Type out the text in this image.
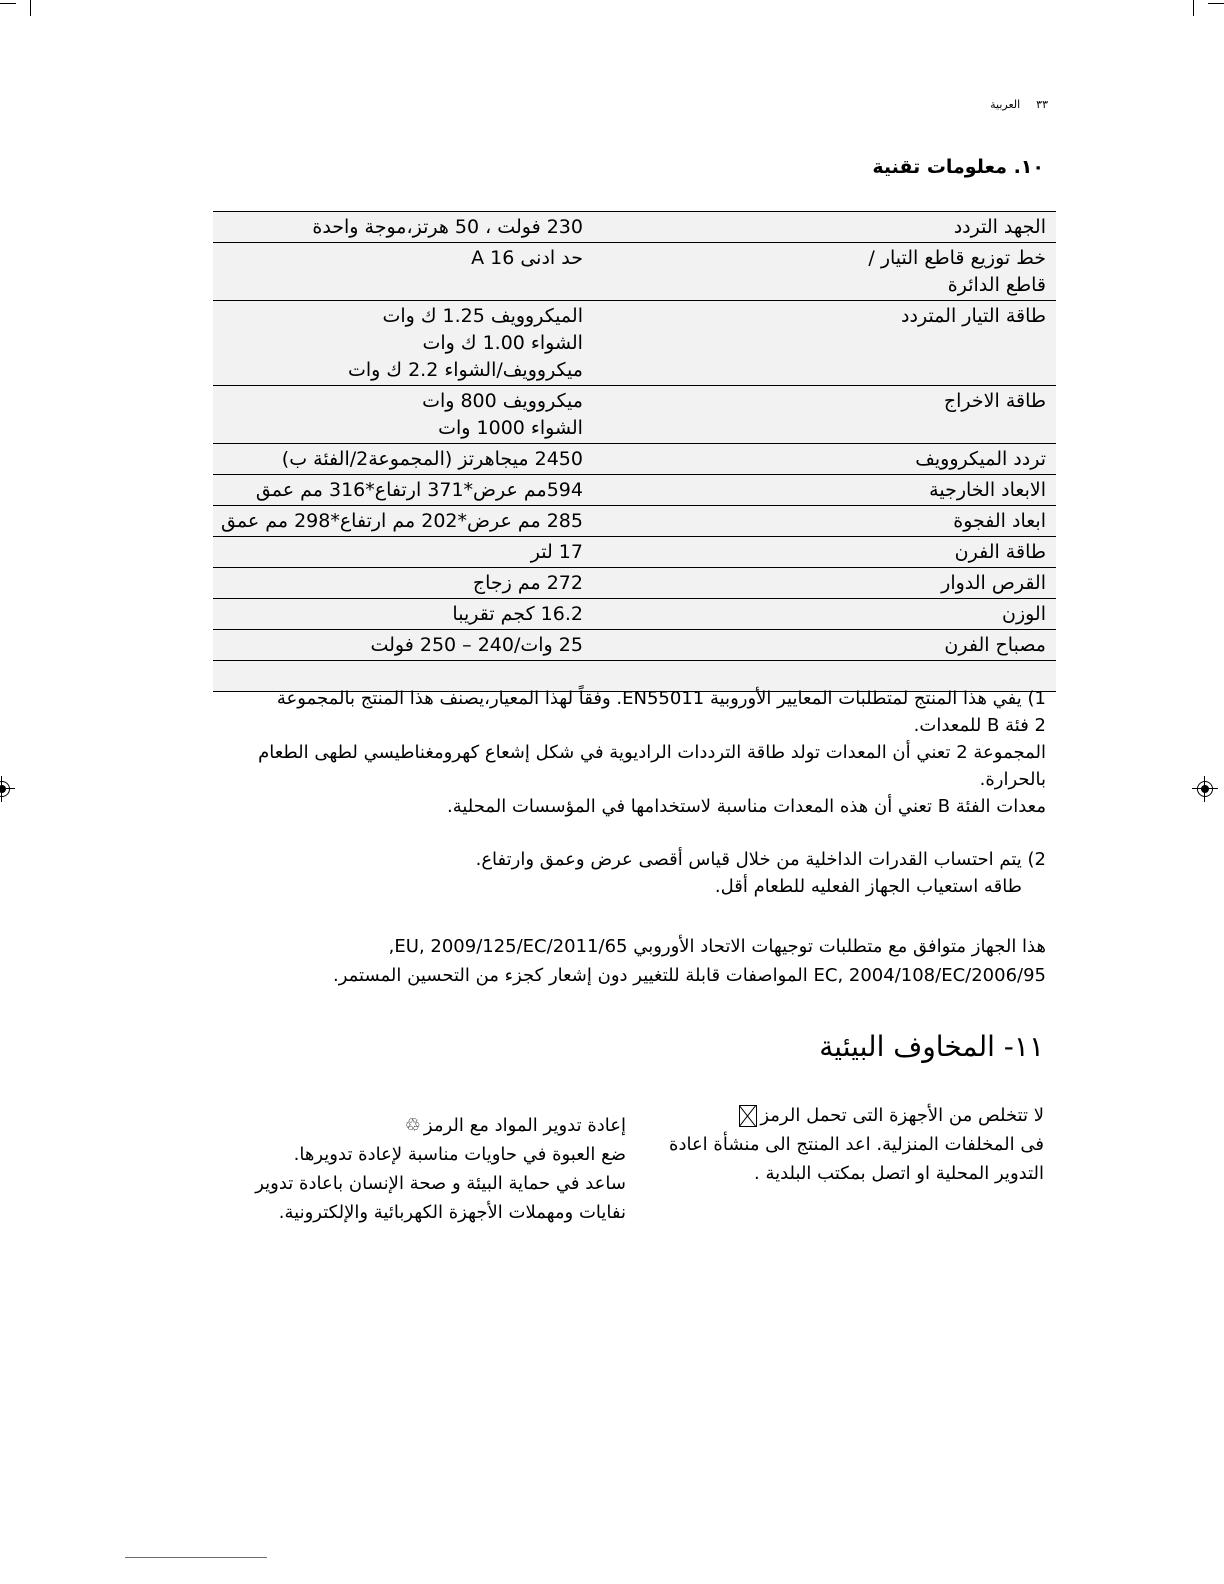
٣٣العربية
١٠. معلومات تقنية
الجهد التردد	230 فولت ، 50 هرتز،موجة واحدة

خط توزيع قاطع التيار / قاطع الدائرة	حد ادنى 16 A

طاقة التيار المتردد	الميكروويف 1.25 ك وات
الشواء 1.00 ك وات
ميكروويف/الشواء 2.2 ك وات

طاقة الاخراج	ميكروويف 800 وات
الشواء 1000 وات

تردد الميكروويف	2450 ميجاهرتز (المجموعة2/الفئة ب)

الابعاد الخارجية	594مم عرض*371 ارتفاع*316 مم عمق

ابعاد الفجوة	285 مم عرض*202 مم ارتفاع*298 مم عمق

طاقة الفرن	17 لتر

القرص الدوار	272 مم زجاج

الوزن	16.2 كجم تقريبا

مصباح الفرن	25 وات/240 – 250 فولت

1) يفي هذا المنتج لمتطلبات المعايير الأوروبية EN55011. وفقاً لهذا المعيار،يصنف هذا المنتج بالمجموعة

2 فئة B للمعدات.

المجموعة 2 تعني أن المعدات تولد طاقة الترددات الراديوية في شكل إشعاع كهرومغناطيسي لطهى الطعام

بالحرارة.

معدات الفئة B تعني أن هذه المعدات مناسبة لاستخدامها في المؤسسات المحلية.

2) يتم احتساب القدرات الداخلية من خلال قياس أقصى عرض وعمق وارتفاع.

طاقه استعياب الجهاز الفعليه للطعام أقل.

هذا الجهاز متوافق مع متطلبات توجيهات الاتحاد الأوروبي 2011/65/EU, 2009/125/EC,

2006/95/EC, 2004/108/EC المواصفات قابلة للتغيير دون إشعار كجزء من التحسين المستمر.

١١- المخاوف البيئية

لا تتخلص من الأجهزة التى تحمل الرمز

فى المخلفات المنزلية. اعد المنتج الى منشأة اعادة

التدوير المحلية او اتصل بمكتب البلدية .

إعادة تدوير المواد مع الرمز♲

ضع العبوة في حاويات مناسبة لإعادة تدويرها.

ساعد في حماية البيئة و صحة الإنسان باعادة تدوير

نفايات ومهملات الأجهزة الكهربائية والإلكترونية.
